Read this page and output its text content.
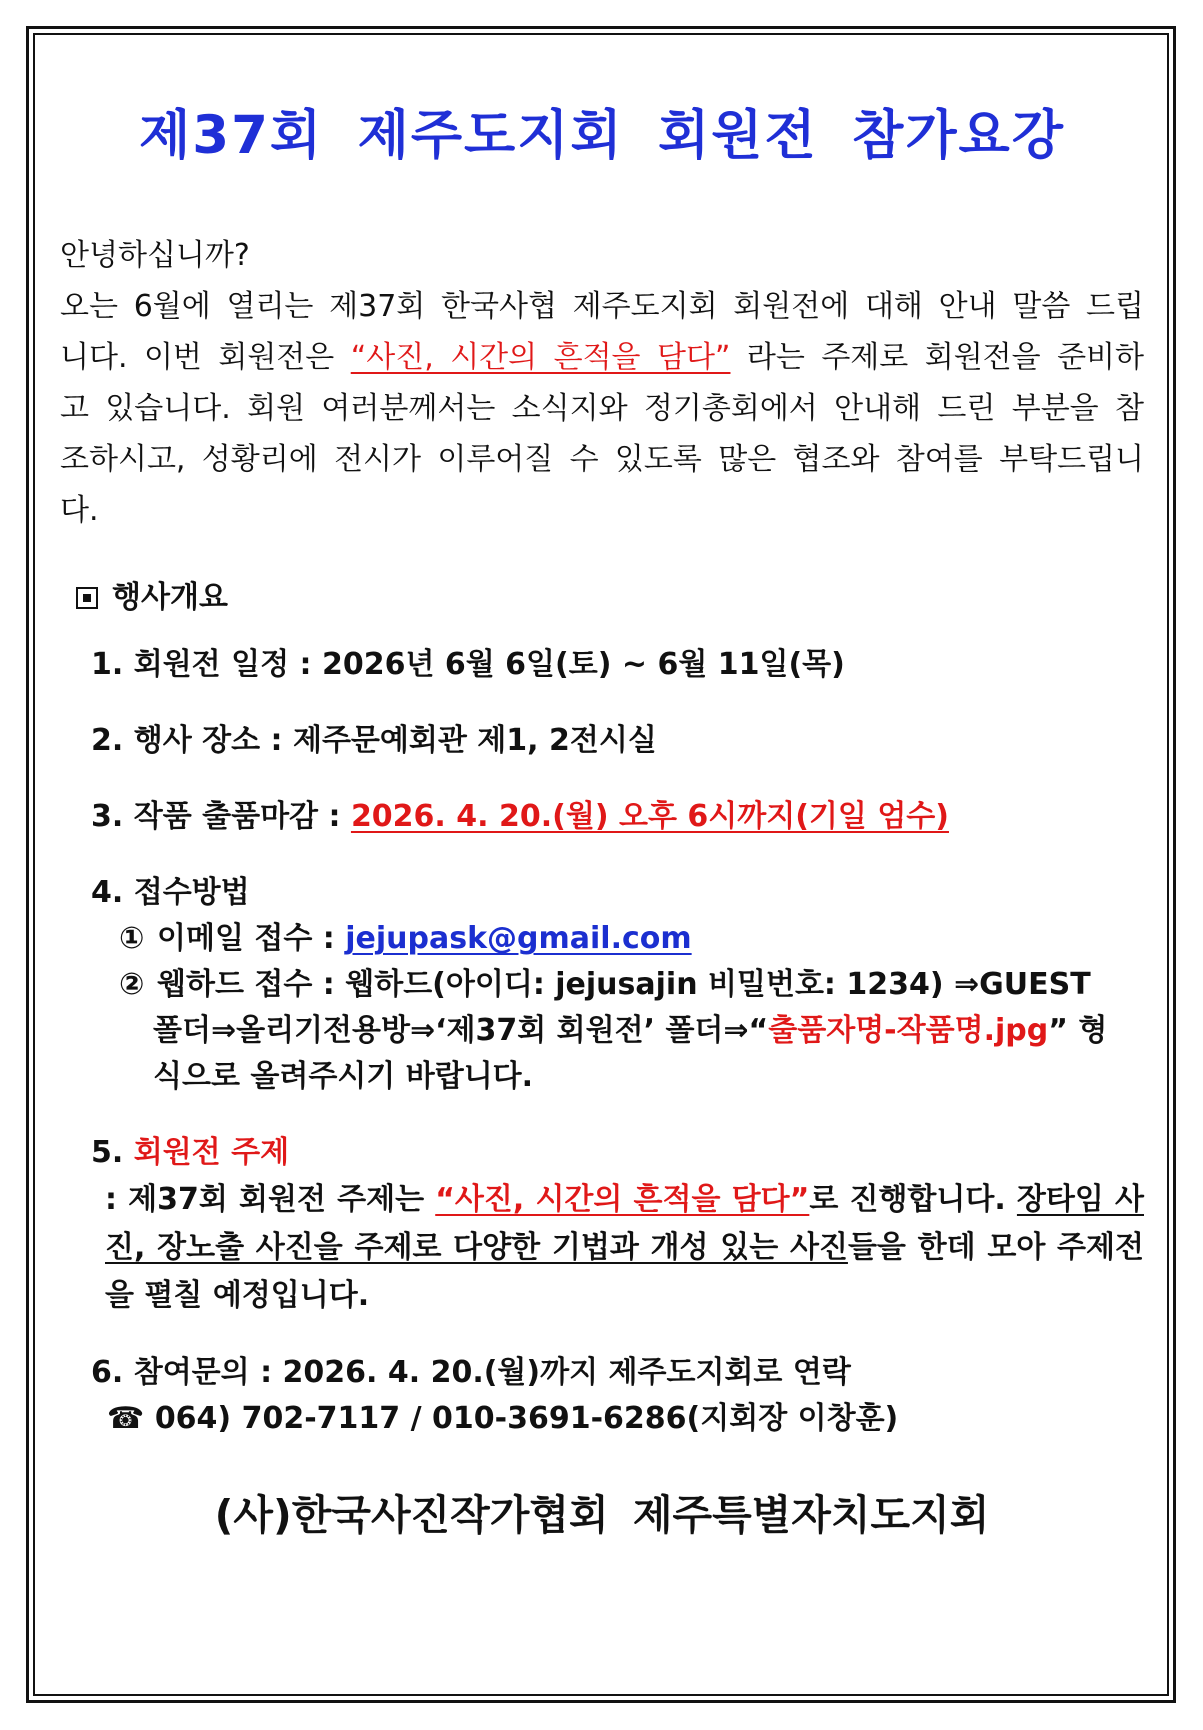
제37회 제주도지회 회원전 참가요강
안녕하십니까?
오는 6월에 열리는 제37회 한국사협 제주도지회 회원전에 대해 안내 말씀 드립니다. 이번 회원전은 “사진, 시간의 흔적을 담다” 라는 주제로 회원전을 준비하고 있습니다. 회원 여러분께서는 소식지와 정기총회에서 안내해 드린 부분을 참조하시고, 성황리에 전시가 이루어질 수 있도록 많은 협조와 참여를 부탁드립니다.
행사개요
1. 회원전 일정 : 2026년 6월 6일(토) ~ 6월 11일(목)
2. 행사 장소 : 제주문예회관 제1, 2전시실
3. 작품 출품마감 : 2026. 4. 20.(월) 오후 6시까지(기일 엄수)
4. 접수방법
① 이메일 접수 : jejupask@gmail.com
② 웹하드 접수 : 웹하드(아이디: jejusajin 비밀번호: 1234) ⇒GUEST
폴더⇒올리기전용방⇒‘제37회 회원전’ 폴더⇒“출품자명-작품명.jpg” 형
식으로 올려주시기 바랍니다.
5. 회원전 주제
: 제37회 회원전 주제는 “사진, 시간의 흔적을 담다”로 진행합니다. 장타임 사진, 장노출 사진을 주제로 다양한 기법과 개성 있는 사진들을 한데 모아 주제전을 펼칠 예정입니다.
6. 참여문의 : 2026. 4. 20.(월)까지 제주도지회로 연락
☎ 064) 702-7117 / 010-3691-6286(지회장 이창훈)
(사)한국사진작가협회 제주특별자치도지회
